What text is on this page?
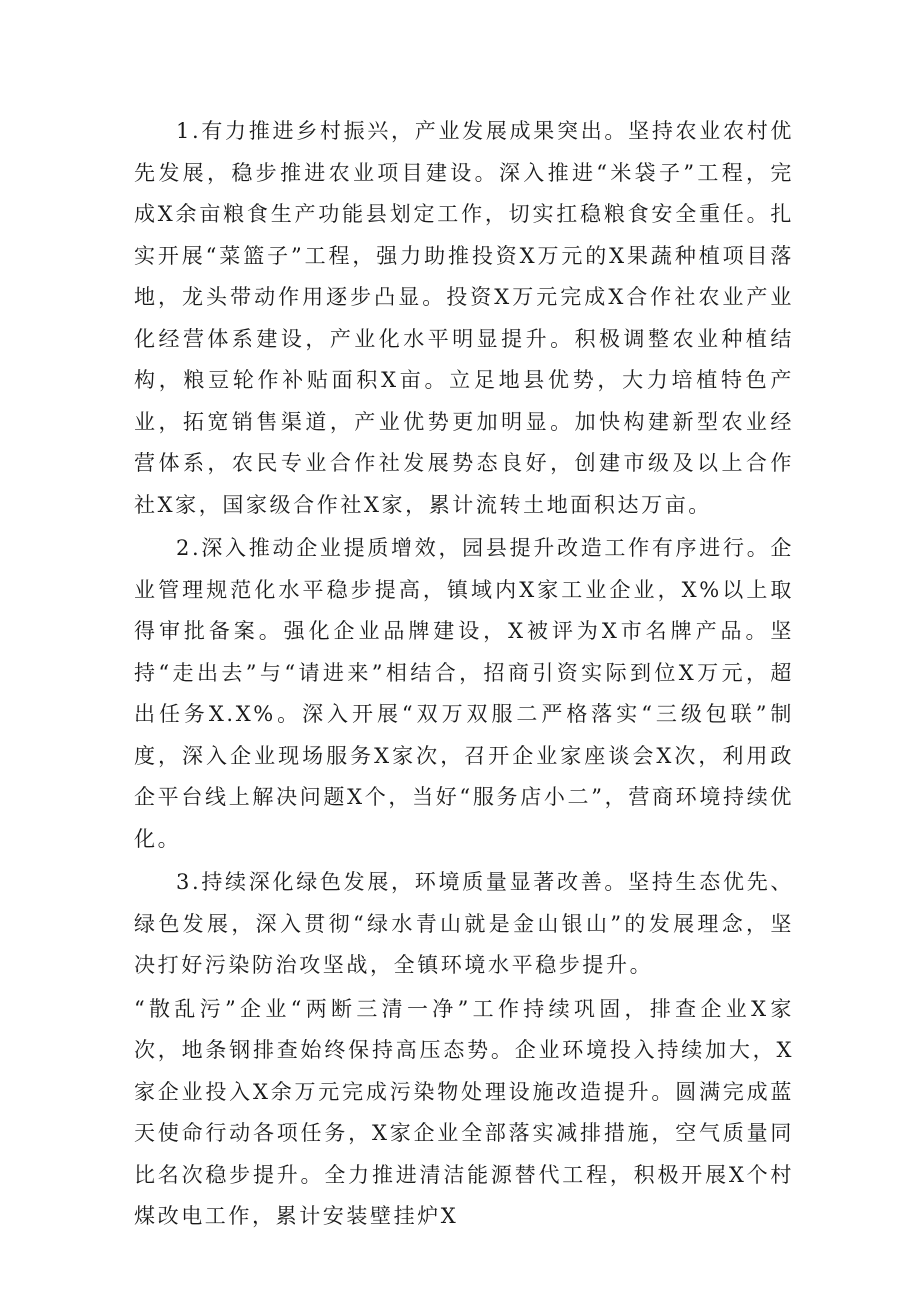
1.有力推进乡村振兴，产业发展成果突出。坚持农业农村优先发展，稳步推进农业项目建设。深入推进“米袋子”工程，完成X余亩粮食生产功能县划定工作，切实扛稳粮食安全重任。扎实开展“菜篮子”工程，强力助推投资X万元的X果蔬种植项目落地，龙头带动作用逐步凸显。投资X万元完成X合作社农业产业化经营体系建设，产业化水平明显提升。积极调整农业种植结构，粮豆轮作补贴面积X亩。立足地县优势，大力培植特色产业，拓宽销售渠道，产业优势更加明显。加快构建新型农业经营体系，农民专业合作社发展势态良好，创建市级及以上合作社X家，国家级合作社X家，累计流转土地面积达万亩。

2.深入推动企业提质增效，园县提升改造工作有序进行。企业管理规范化水平稳步提高，镇域内X家工业企业，X%以上取得审批备案。强化企业品牌建设，X被评为X市名牌产品。坚持“走出去”与“请进来”相结合，招商引资实际到位X万元，超出任务X.X%。深入开展“双万双服二严格落实“三级包联”制度，深入企业现场服务X家次，召开企业家座谈会X次，利用政企平台线上解决问题X个，当好“服务店小二”，营商环境持续优化。

3.持续深化绿色发展，环境质量显著改善。坚持生态优先、绿色发展，深入贯彻“绿水青山就是金山银山”的发展理念，坚决打好污染防治攻坚战，全镇环境水平稳步提升。

“散乱污”企业“两断三清一净”工作持续巩固，排查企业X家次，地条钢排查始终保持高压态势。企业环境投入持续加大，X家企业投入X余万元完成污染物处理设施改造提升。圆满完成蓝天使命行动各项任务，X家企业全部落实减排措施，空气质量同比名次稳步提升。全力推进清洁能源替代工程，积极开展X个村煤改电工作，累计安装壁挂炉X
